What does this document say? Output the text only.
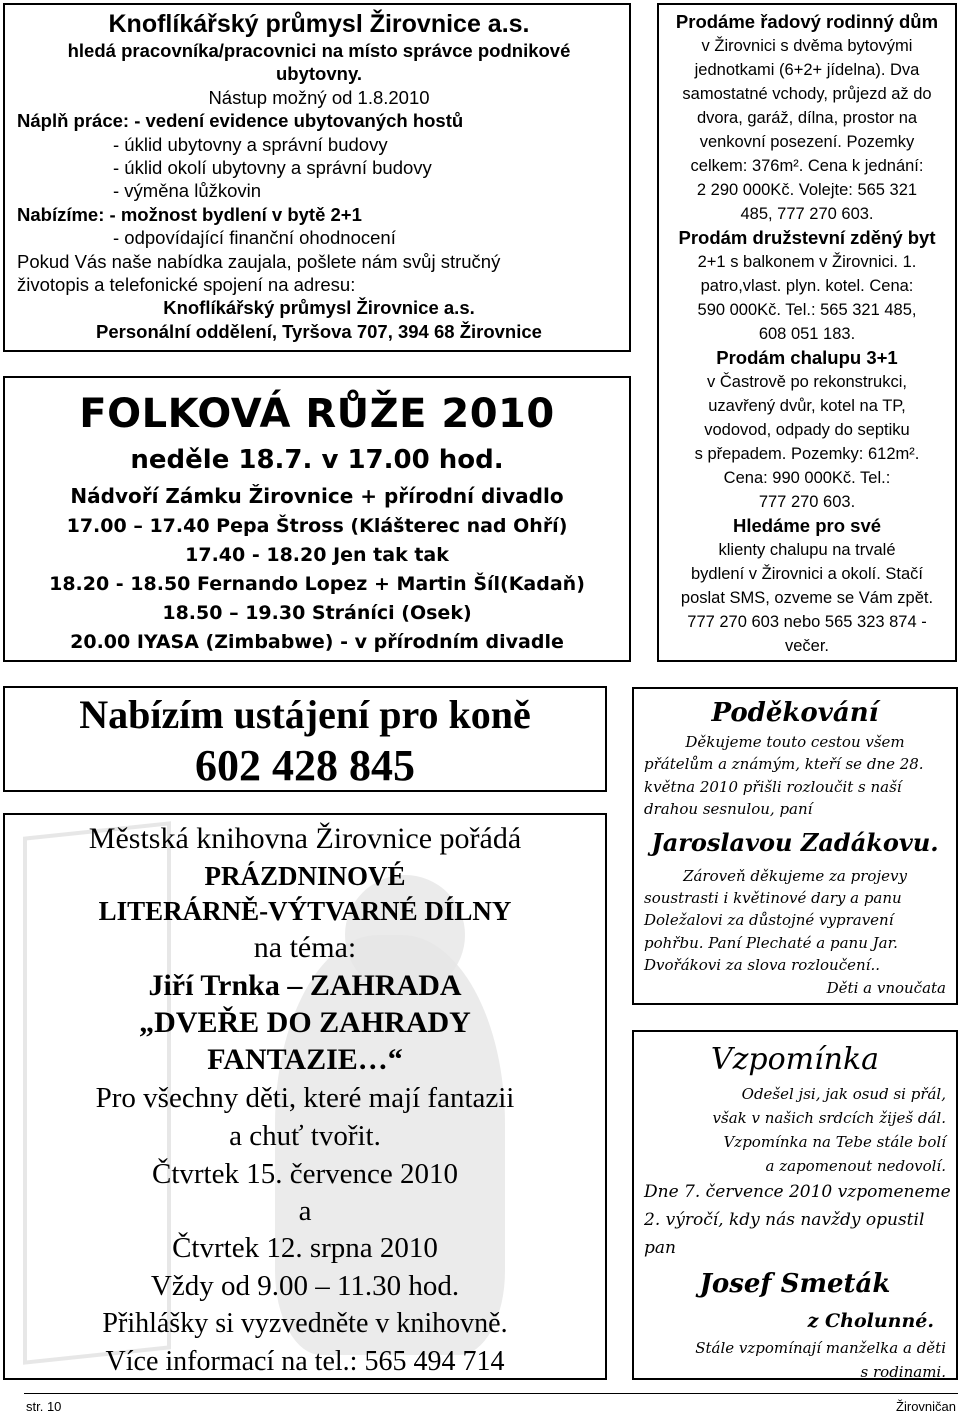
Knoflíkářský průmysl Žirovnice a.s.
hledá pracovníka/pracovnici na místo správce podnikové
ubytovny.
Nástup možný od 1.8.2010
Náplň práce: - vedení evidence ubytovaných hostů
- úklid ubytovny a správní budovy
- úklid okolí ubytovny a správní budovy
- výměna lůžkovin
Nabízíme: - možnost bydlení v bytě 2+1
- odpovídající finanční ohodnocení
Pokud Vás naše nabídka zaujala, pošlete nám svůj stručný
životopis a telefonické spojení na adresu:
Knoflíkářský průmysl Žirovnice a.s.
Personální oddělení, Tyršova 707, 394 68 Žirovnice
FOLKOVÁ RŮŽE 2010
neděle 18.7. v 17.00 hod.
Nádvoří Zámku Žirovnice + přírodní divadlo
17.00 – 17.40 Pepa Štross (Klášterec nad Ohří)
17.40 - 18.20 Jen tak tak
18.20 - 18.50 Fernando Lopez + Martin Šíl(Kadaň)
18.50 – 19.30 Stráníci (Osek)
20.00 IYASA (Zimbabwe) - v přírodním divadle
Prodáme řadový rodinný dům
v Žirovnici s dvěma bytovými
jednotkami (6+2+ jídelna). Dva
samostatné vchody, průjezd až do
dvora, garáž, dílna, prostor na
venkovní posezení. Pozemky
celkem: 376m². Cena k jednání:
2 290 000Kč. Volejte: 565 321
485, 777 270 603.
Prodám družstevní zděný byt
2+1 s balkonem v Žirovnici. 1.
patro,vlast. plyn. kotel. Cena:
590 000Kč. Tel.: 565 321 485,
608 051 183.
Prodám chalupu 3+1
v Častrově po rekonstrukci,
uzavřený dvůr, kotel na TP,
vodovod, odpady do septiku
s přepadem. Pozemky: 612m².
Cena: 990 000Kč. Tel.:
777 270 603.
Hledáme pro své
klienty chalupu na trvalé
bydlení v Žirovnici a okolí. Stačí
poslat SMS, ozveme se Vám zpět.
777 270 603 nebo 565 323 874 -
večer.
Nabízím ustájení pro koně
602 428 845
Městská knihovna Žirovnice pořádá
PRÁZDNINOVÉ
LITERÁRNĚ-VÝTVARNÉ DÍLNY
na téma:
Jiří Trnka – ZAHRADA
„DVEŘE DO ZAHRADY
FANTAZIE…“
Pro všechny děti, které mají fantazii
a chuť tvořit.
Čtvrtek 15. července 2010
a
Čtvrtek 12. srpna 2010
Vždy od 9.00 – 11.30 hod.
Přihlášky si vyzvedněte v knihovně.
Více informací na tel.: 565 494 714
Poděkování
Děkujeme touto cestou všem
přátelům a známým, kteří se dne 28.
května 2010 přišli rozloučit s naší
drahou sesnulou, paní
Jaroslavou Zadákovu.
Zároveň děkujeme za projevy
soustrasti i květinové dary a panu
Doležalovi za důstojné vypravení
pohřbu. Paní Plechaté a panu Jar.
Dvořákovi za slova rozloučení..
Děti a vnoučata
Vzpomínka
Odešel jsi, jak osud si přál,
však v našich srdcích žiješ dál.
Vzpomínka na Tebe stále bolí
a zapomenout nedovolí.
Dne 7. července 2010 vzpomeneme
2. výročí, kdy nás navždy opustil
pan
Josef Smeták
z Cholunné.
Stále vzpomínají manželka a děti
s rodinami.
str. 10	Žirovničan
